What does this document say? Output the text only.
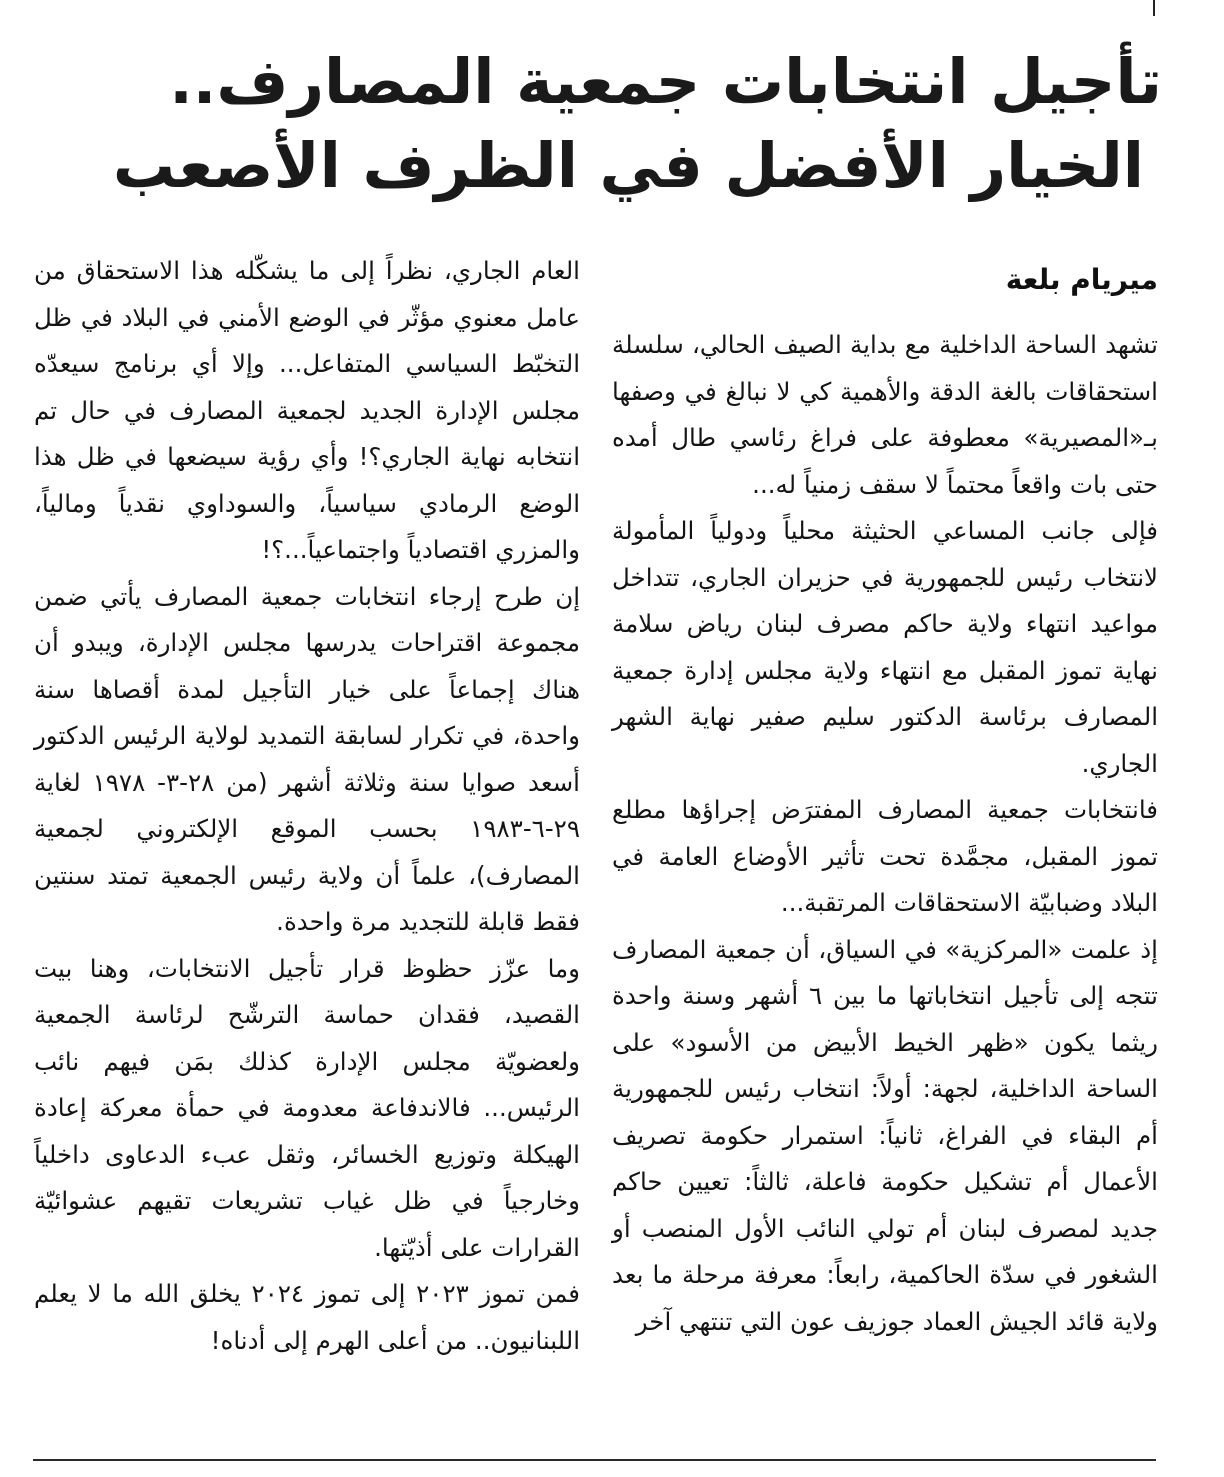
تأجيل انتخابات جمعية المصارف..
الخيار الأفضل في الظرف الأصعب
ميريام بلعة

تشهد الساحة الداخلية مع بداية الصيف الحالي، سلسلة استحقاقات بالغة الدقة والأهمية كي لا نبالغ في وصفها بـ«المصيرية» معطوفة على فراغ رئاسي طال أمده حتى بات واقعاً محتماً لا سقف زمنياً له...

فإلى جانب المساعي الحثيثة محلياً ودولياً المأمولة لانتخاب رئيس للجمهورية في حزيران الجاري، تتداخل مواعيد انتهاء ولاية حاكم مصرف لبنان رياض سلامة نهاية تموز المقبل مع انتهاء ولاية مجلس إدارة جمعية المصارف برئاسة الدكتور سليم صفير نهاية الشهر الجاري.

فانتخابات جمعية المصارف المفترَض إجراؤها مطلع تموز المقبل، مجمَّدة تحت تأثير الأوضاع العامة في البلاد وضبابيّة الاستحقاقات المرتقبة...

إذ علمت «المركزية» في السياق، أن جمعية المصارف تتجه إلى تأجيل انتخاباتها ما بين ٦ أشهر وسنة واحدة ريثما يكون «ظهر الخيط الأبيض من الأسود» على الساحة الداخلية، لجهة: أولاً: انتخاب رئيس للجمهورية أم البقاء في الفراغ، ثانياً: استمرار حكومة تصريف الأعمال أم تشكيل حكومة فاعلة، ثالثاً: تعيين حاكم جديد لمصرف لبنان أم تولي النائب الأول المنصب أو الشغور في سدّة الحاكمية، رابعاً: معرفة مرحلة ما بعد ولاية قائد الجيش العماد جوزيف عون التي تنتهي آخر

العام الجاري، نظراً إلى ما يشكّله هذا الاستحقاق من عامل معنوي مؤثّر في الوضع الأمني في البلاد في ظل التخبّط السياسي المتفاعل... وإلا أي برنامج سيعدّه مجلس الإدارة الجديد لجمعية المصارف في حال تم انتخابه نهاية الجاري؟! وأي رؤية سيضعها في ظل هذا الوضع الرمادي سياسياً، والسوداوي نقدياً ومالياً، والمزري اقتصادياً واجتماعياً...؟!

إن طرح إرجاء انتخابات جمعية المصارف يأتي ضمن مجموعة اقتراحات يدرسها مجلس الإدارة، ويبدو أن هناك إجماعاً على خيار التأجيل لمدة أقصاها سنة واحدة، في تكرار لسابقة التمديد لولاية الرئيس الدكتور أسعد صوايا سنة وثلاثة أشهر (من ٢٨-٣- ١٩٧٨ لغاية ٢٩-٦-١٩٨٣ بحسب الموقع الإلكتروني لجمعية المصارف)، علماً أن ولاية رئيس الجمعية تمتد سنتين فقط قابلة للتجديد مرة واحدة.

وما عزّز حظوظ قرار تأجيل الانتخابات، وهنا بيت القصيد، فقدان حماسة الترشّح لرئاسة الجمعية ولعضويّة مجلس الإدارة كذلك بمَن فيهم نائب الرئيس... فالاندفاعة معدومة في حمأة معركة إعادة الهيكلة وتوزيع الخسائر، وثقل عبء الدعاوى داخلياً وخارجياً في ظل غياب تشريعات تقيهم عشوائيّة القرارات على أذيّتها.

فمن تموز ٢٠٢٣ إلى تموز ٢٠٢٤ يخلق الله ما لا يعلم اللبنانيون.. من أعلى الهرم إلى أدناه!
